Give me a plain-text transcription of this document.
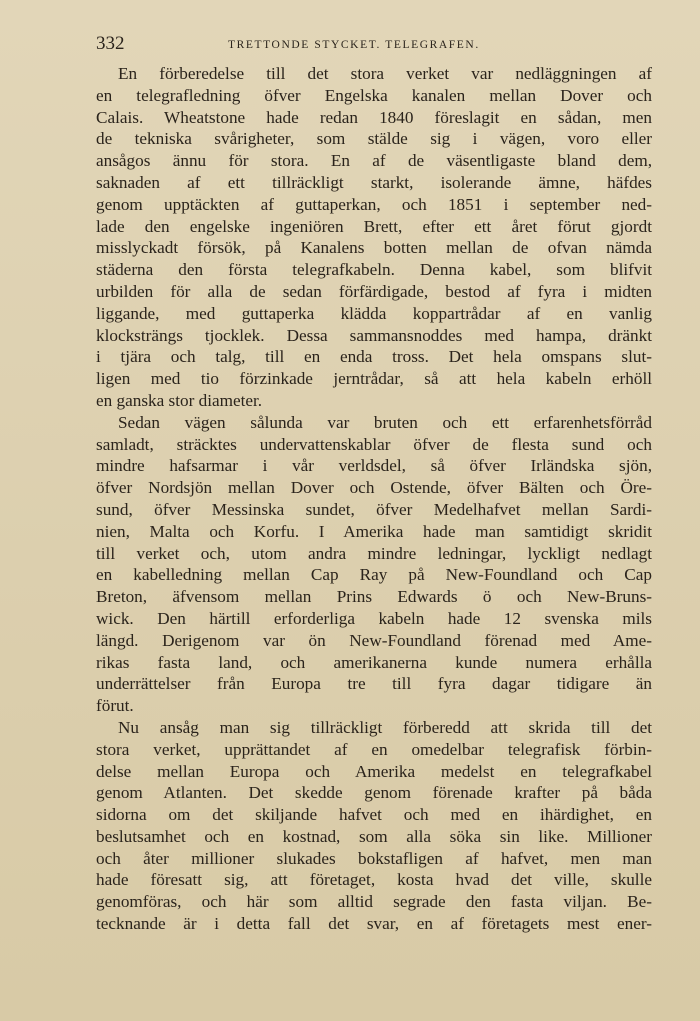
332	TRETTONDE STYCKET. TELEGRAFEN.
En förberedelse till det stora verket var nedläggningen af
en telegrafledning öfver Engelska kanalen mellan Dover och
Calais. Wheatstone hade redan 1840 föreslagit en sådan, men
de tekniska svårigheter, som stälde sig i vägen, voro eller
ansågos ännu för stora. En af de väsentligaste bland dem,
saknaden af ett tillräckligt starkt, isolerande ämne, häfdes
genom upptäckten af guttaperkan, och 1851 i september ned-
lade den engelske ingeniören Brett, efter ett året förut gjordt
misslyckadt försök, på Kanalens botten mellan de ofvan nämda
städerna den första telegrafkabeln. Denna kabel, som blifvit
urbilden för alla de sedan förfärdigade, bestod af fyra i midten
liggande, med guttaperka klädda koppartrådar af en vanlig
klocksträngs tjocklek. Dessa sammansnoddes med hampa, dränkt
i tjära och talg, till en enda tross. Det hela omspans slut-
ligen med tio förzinkade jerntrådar, så att hela kabeln erhöll
en ganska stor diameter.
Sedan vägen sålunda var bruten och ett erfarenhetsförråd
samladt, sträcktes undervattenskablar öfver de flesta sund och
mindre hafsarmar i vår verldsdel, så öfver Irländska sjön,
öfver Nordsjön mellan Dover och Ostende, öfver Bälten och Öre-
sund, öfver Messinska sundet, öfver Medelhafvet mellan Sardi-
nien, Malta och Korfu. I Amerika hade man samtidigt skridit
till verket och, utom andra mindre ledningar, lyckligt nedlagt
en kabelledning mellan Cap Ray på New-Foundland och Cap
Breton, äfvensom mellan Prins Edwards ö och New-Bruns-
wick. Den härtill erforderliga kabeln hade 12 svenska mils
längd. Derigenom var ön New-Foundland förenad med Ame-
rikas fasta land, och amerikanerna kunde numera erhålla
underrättelser från Europa tre till fyra dagar tidigare än
förut.
Nu ansåg man sig tillräckligt förberedd att skrida till det
stora verket, upprättandet af en omedelbar telegrafisk förbin-
delse mellan Europa och Amerika medelst en telegrafkabel
genom Atlanten. Det skedde genom förenade krafter på båda
sidorna om det skiljande hafvet och med en ihärdighet, en
beslutsamhet och en kostnad, som alla söka sin like. Millioner
och åter millioner slukades bokstafligen af hafvet, men man
hade föresatt sig, att företaget, kosta hvad det ville, skulle
genomföras, och här som alltid segrade den fasta viljan. Be-
tecknande är i detta fall det svar, en af företagets mest ener-
